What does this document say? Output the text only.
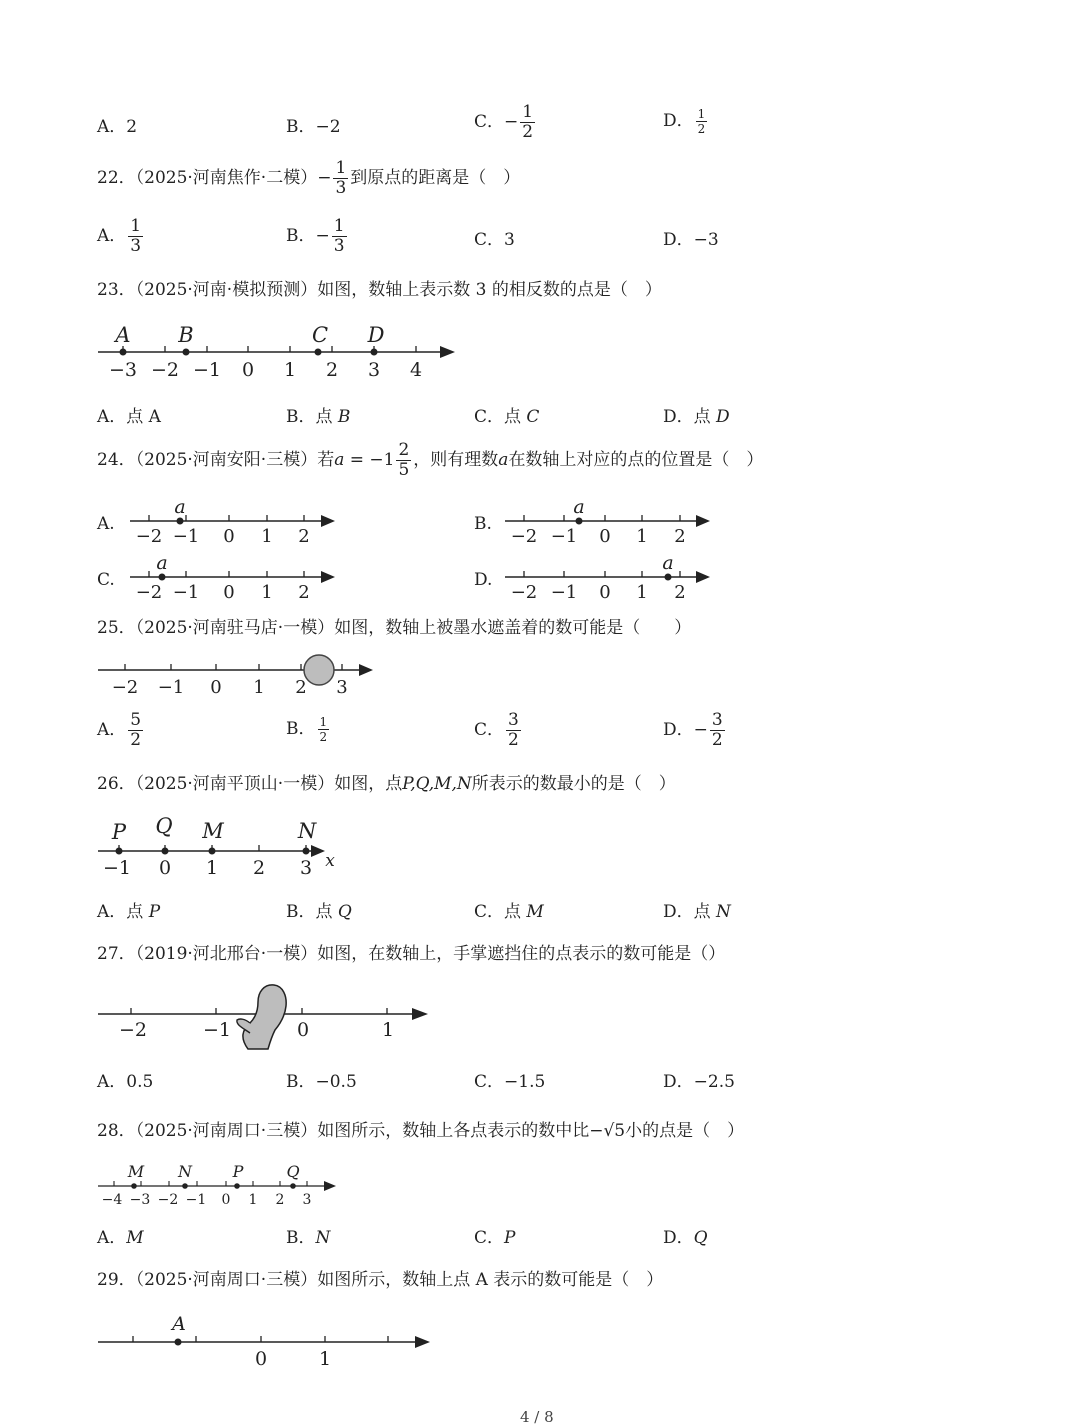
A．2	B．−2	C．− $\frac{1}{2}$	D． $\frac{1}{2}$
22．（2025·河南焦作·二模）− $\frac{1}{3}$ 到原点的距离是（　）
A． $\frac{1}{3}$	B．− $\frac{1}{3}$	C．3	D．−3
23．（2025·河南·模拟预测）如图，数轴上表示数 3 的相反数的点是（　）
−3 −2 −1 0 1 2 3 4
A B	C D
A．点 A	B．点 B	C．点 C	D．点 D
24．（2025·河南安阳·三模）若$a = -1 \frac{2}{5}$ ，则有理数a在数轴上对应的点的位置是（　）
A.
−2 −1 0 1 2
a
B.
−2 −1 0 1 2
a
C.
−2 −1 0 1 2
a
D.
−2 −1 0 1 2
a
25．（2025·河南驻马店·一模）如图，数轴上被墨水遮盖着的数可能是（　　）
−2 −1 0 1 2 3
A． $\frac{5}{2}$	B． $\frac{1}{2}$	C． $\frac{3}{2}$	D．− $\frac{3}{2}$
26．（2025·河南平顶山·一模）如图，点P,Q,M,N所表示的数最小的是（　）
P Q M	N
−1 0 1 2 3 x
A．点 P	B．点 Q	C．点 M	D．点 N
27．（2019·河北邢台·一模）如图，在数轴上，手掌遮挡住的点表示的数可能是（）
−2	−1	0	1
A．0.5	B．−0.5	C．−1.5	D．−2.5
28．（2025·河南周口·三模）如图所示，数轴上各点表示的数中比−√5小的点是（　）
M N	P	Q
−4 −3 −2 −1 0 1 2 3
A．M	B．N	C．P	D．Q
29．（2025·河南周口·三模）如图所示，数轴上点 A 表示的数可能是（　）
A
0	1
4 / 8
